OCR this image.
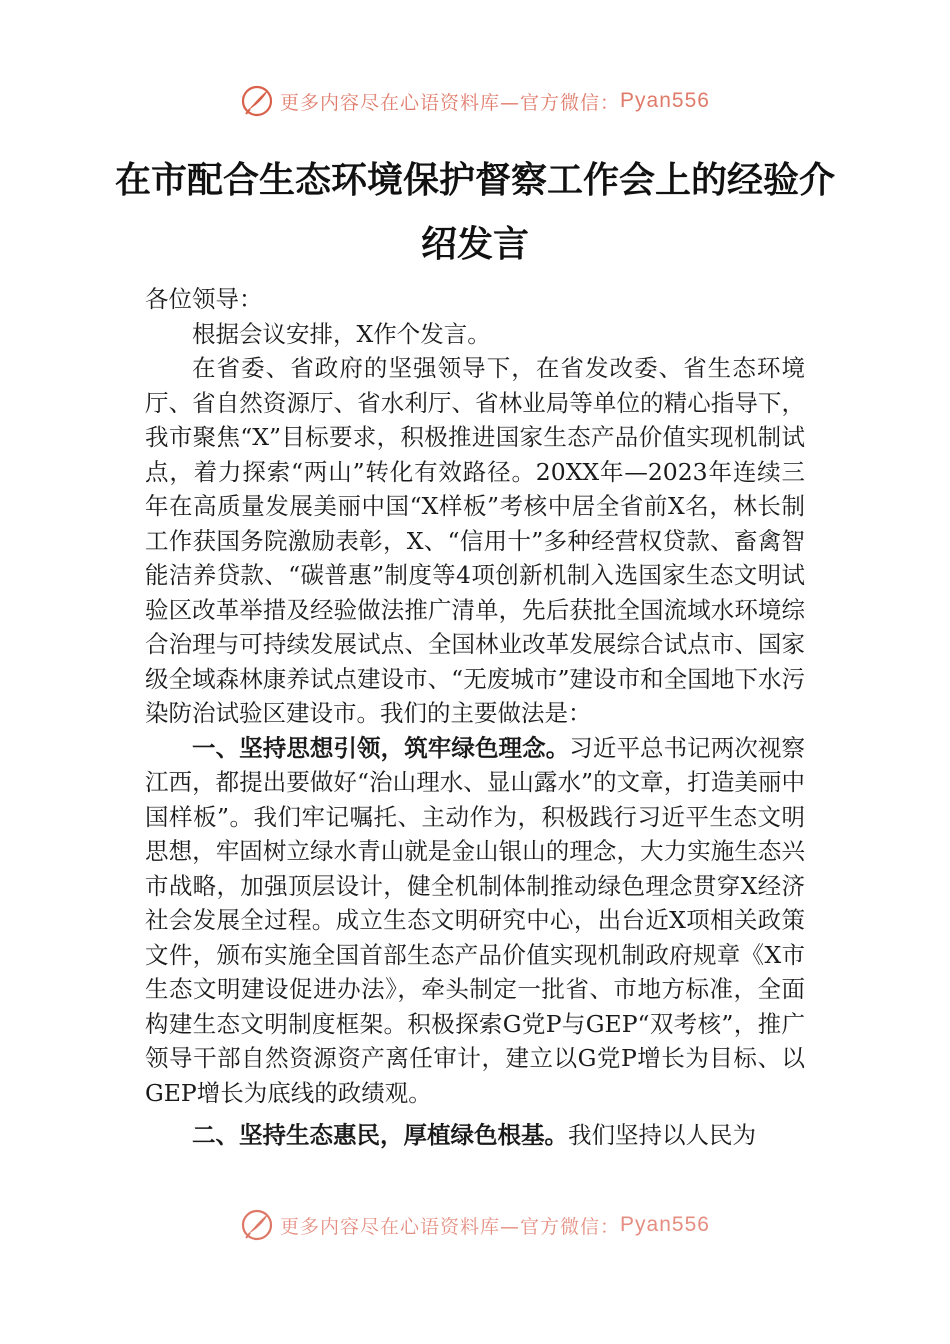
更多内容尽在心语资料库—官方微信： Pyan556
在市配合生态环境保护督察工作会上的经验介绍发言

各位领导：

根据会议安排，X作个发言。

在省委、省政府的坚强领导下，在省发改委、省生态环境厅、省自然资源厅、省水利厅、省林业局等单位的精心指导下，我市聚焦“X”目标要求，积极推进国家生态产品价值实现机制试点，着力探索“两山”转化有效路径。20XX年—2023年连续三年在高质量发展美丽中国“X样板”考核中居全省前X名，林长制工作获国务院激励表彰，X、“信用十”多种经营权贷款、畜禽智能洁养贷款、“碳普惠”制度等4项创新机制入选国家生态文明试验区改革举措及经验做法推广清单，先后获批全国流域水环境综合治理与可持续发展试点、全国林业改革发展综合试点市、国家级全域森林康养试点建设市、“无废城市”建设市和全国地下水污染防治试验区建设市。我们的主要做法是：

一、坚持思想引领，筑牢绿色理念。习近平总书记两次视察江西，都提出要做好“治山理水、显山露水”的文章，打造美丽中国样板”。我们牢记嘱托、主动作为，积极践行习近平生态文明思想，牢固树立绿水青山就是金山银山的理念，大力实施生态兴市战略，加强顶层设计，健全机制体制推动绿色理念贯穿X经济社会发展全过程。成立生态文明研究中心，出台近X项相关政策文件，颁布实施全国首部生态产品价值实现机制政府规章《X市生态文明建设促进办法》，牵头制定一批省、市地方标准，全面构建生态文明制度框架。积极探索G党P与GEP“双考核”，推广领导干部自然资源资产离任审计，建立以G党P增长为目标、以GEP增长为底线的政绩观。

二、坚持生态惠民，厚植绿色根基。我们坚持以人民为

更多内容尽在心语资料库—官方微信： Pyan556
